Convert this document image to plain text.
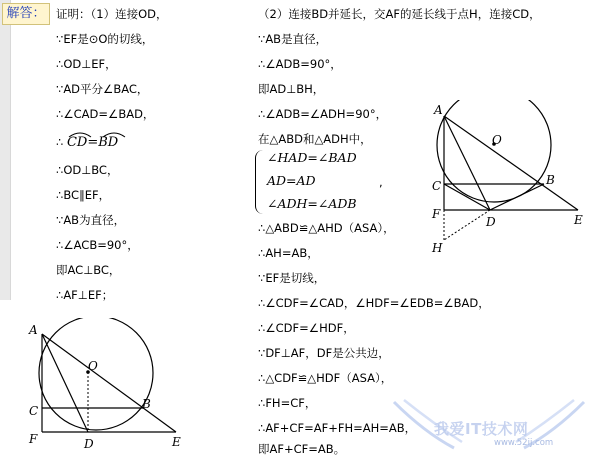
解答： 证明：（1）连接OD，
∵EF是⊙O的切线，
∴OD⊥EF，
∵AD平分∠BAC，
∴∠CAD=∠BAD，
∴ CD=BD
∴OD⊥BC，
∴BC∥EF，
∵AB为直径，
∴∠ACB=90°，
即AC⊥BC，
∴AF⊥EF；
A
O
C	B
F	D	E
（2）连接BD并延长，交AF的延长线于点H，连接CD，
∵AB是直径，
∴∠ADB=90°，
即AD⊥BH，
∴∠ADB=∠ADH=90°，
在△ABD和△ADH中，
∠HAD=∠BAD
AD=AD
∠ADH=∠ADB
,
∴△ABD≌△AHD（ASA），
∴AH=AB，
∵EF是切线，
∴∠CDF=∠CAD，∠HDF=∠EDB=∠BAD，
∴∠CDF=∠HDF，
∵DF⊥AF，DF是公共边，
∴△CDF≌△HDF（ASA），
∴FH=CF，
∴AF+CF=AF+FH=AH=AB，
即AF+CF=AB。
A
O
C	B
F
D	E
H
我爱IT技术网
www.52ij.com
